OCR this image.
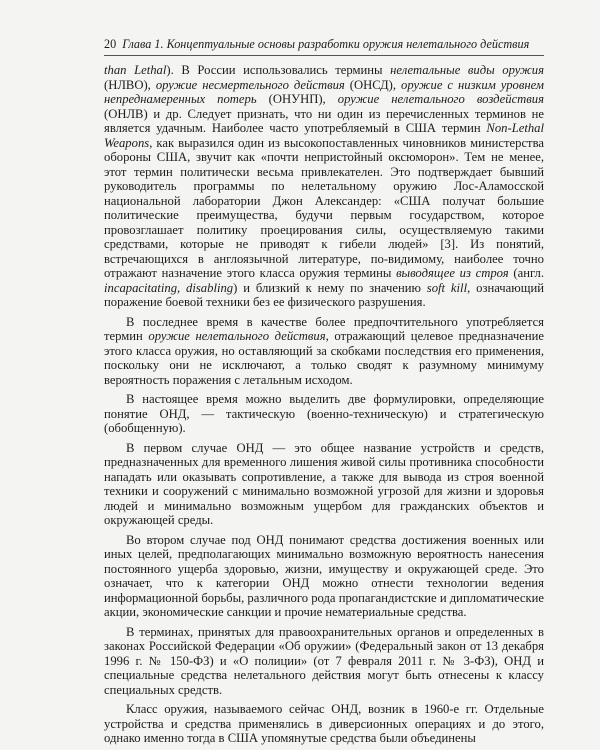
20 Глава 1. Концептуальные основы разработки оружия нелетального действия

than Lethal). В России использовались термины нелетальные виды оружия (НЛВО), оружие несмертельного действия (ОНСД), оружие с низким уровнем непреднамеренных потерь (ОНУНП), оружие нелетального воздействия (ОНЛВ) и др. Следует признать, что ни один из перечисленных терминов не является удачным. Наиболее часто употребляемый в США термин Non-Lethal Weapons, как выразился один из высокопоставленных чиновников министерства обороны США, звучит как «почти непристойный оксюморон». Тем не менее, этот термин политически весьма привлекателен. Это подтверждает бывший руководитель программы по нелетальному оружию Лос-Аламосской национальной лаборатории Джон Александер: «США получат большие политические преимущества, будучи первым государством, которое провозглашает политику проецирования силы, осуществляемую такими средствами, которые не приводят к гибели людей» [3]. Из понятий, встречающихся в англоязычной литературе, по-видимому, наиболее точно отражают назначение этого класса оружия термины выводящее из строя (англ. incapacitating, disabling) и близкий к нему по значению soft kill, означающий поражение боевой техники без ее физического разрушения.

В последнее время в качестве более предпочтительного употребляется термин оружие нелетального действия, отражающий целевое предназначение этого класса оружия, но оставляющий за скобками последствия его применения, поскольку они не исключают, а только сводят к разумному минимуму вероятность поражения с летальным исходом.

В настоящее время можно выделить две формулировки, определяющие понятие ОНД, — тактическую (военно-техническую) и стратегическую (обобщенную).

В первом случае ОНД — это общее название устройств и средств, предназначенных для временного лишения живой силы противника способности нападать или оказывать сопротивление, а также для вывода из строя военной техники и сооружений с минимально возможной угрозой для жизни и здоровья людей и минимально возможным ущербом для гражданских объектов и окружающей среды.

Во втором случае под ОНД понимают средства достижения военных или иных целей, предполагающих минимально возможную вероятность нанесения постоянного ущерба здоровью, жизни, имуществу и окружающей среде. Это означает, что к категории ОНД можно отнести технологии ведения информационной борьбы, различного рода пропагандистские и дипломатические акции, экономические санкции и прочие нематериальные средства.

В терминах, принятых для правоохранительных органов и определенных в законах Российской Федерации «Об оружии» (Федеральный закон от 13 декабря 1996 г. № 150-ФЗ) и «О полиции» (от 7 февраля 2011 г. № 3-ФЗ), ОНД и специальные средства нелетального действия могут быть отнесены к классу специальных средств.

Класс оружия, называемого сейчас ОНД, возник в 1960-е гг. Отдельные устройства и средства применялись в диверсионных операциях и до этого, однако именно тогда в США упомянутые средства были объединены
